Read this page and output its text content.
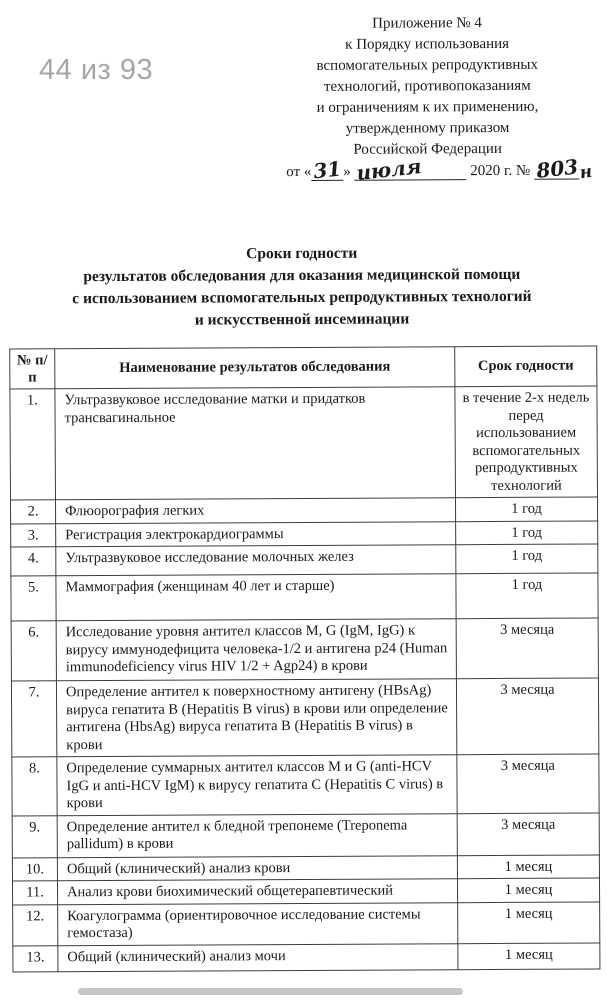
44 из 93
Приложение № 4
к Порядку использования
вспомогательных репродуктивных
технологий, противопоказаниям
и ограничениям к их применению,
утвержденному приказом
Российской Федерации
от «31» июля	2020 г. № 803н
Сроки годности
результатов обследования для оказания медицинской помощи
с использованием вспомогательных репродуктивных технологий
и искусственной инсеминации
№ п/п	Наименование результатов обследования	Срок годности
1.	Ультразвуковое исследование матки и придатков трансвагинальное	в течение 2-х недель перед использованием вспомогательных репродуктивных технологий
2.	Флюорография легких	1 год
3.	Регистрация электрокардиограммы	1 год
4.	Ультразвуковое исследование молочных желез	1 год
5.	Маммография (женщинам 40 лет и старше)	1 год
6.	Исследование уровня антител классов M, G (IgM, IgG) к вирусу иммунодефицита человека-1/2 и антигена p24 (Human immunodeficiency virus HIV 1/2 + Agp24) в крови	3 месяца
7.	Определение антител к поверхностному антигену (HBsAg) вируса гепатита B (Hepatitis B virus) в крови или определение антигена (HbsAg) вируса гепатита B (Hepatitis B virus) в крови	3 месяца
8.	Определение суммарных антител классов M и G (anti-HCV IgG и anti-HCV IgM) к вирусу гепатита C (Hepatitis C virus) в крови	3 месяца
9.	Определение антител к бледной трепонеме (Treponema pallidum) в крови	3 месяца
10.	Общий (клинический) анализ крови	1 месяц
11.	Анализ крови биохимический общетерапевтический	1 месяц
12.	Коагулограмма (ориентировочное исследование системы гемостаза)	1 месяц
13.	Общий (клинический) анализ мочи	1 месяц
